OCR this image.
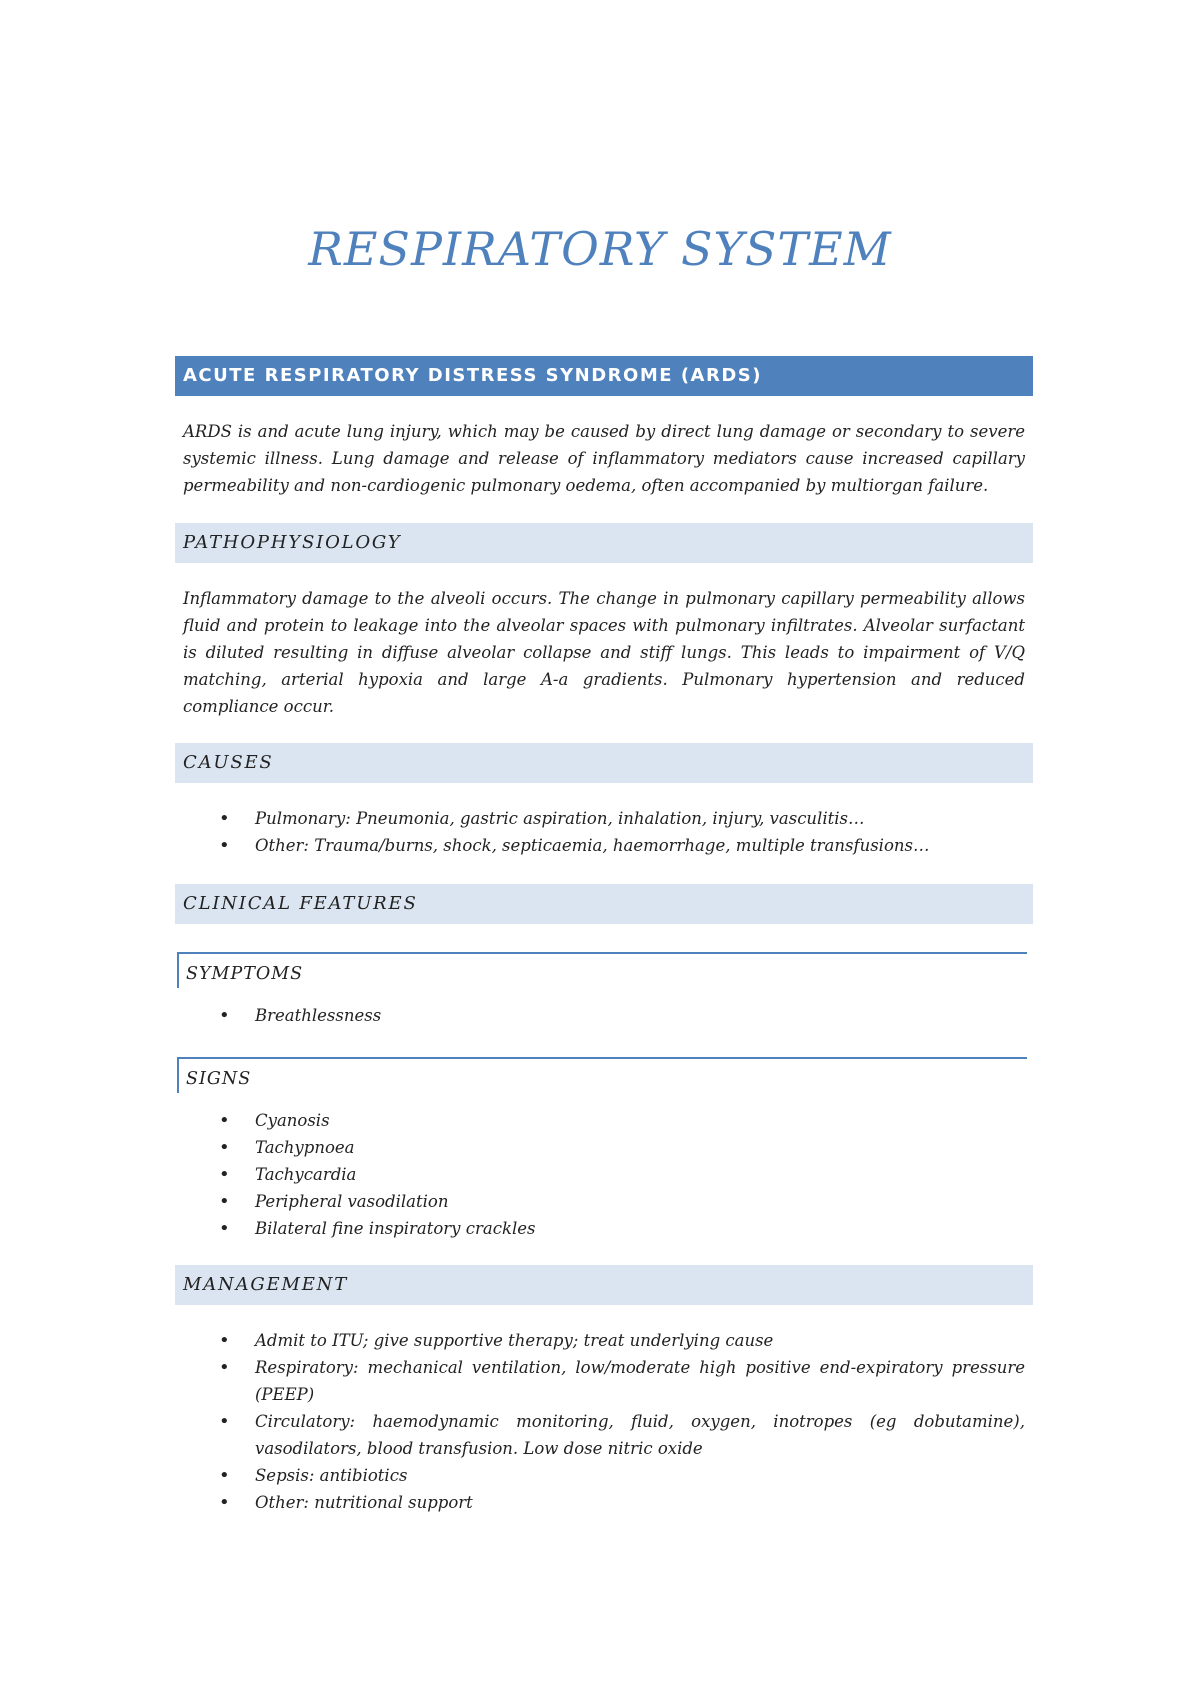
RESPIRATORY SYSTEM
ACUTE RESPIRATORY DISTRESS SYNDROME (ARDS)

ARDS is and acute lung injury, which may be caused by direct lung damage or secondary to severe systemic illness. Lung damage and release of inflammatory mediators cause increased capillary permeability and non-cardiogenic pulmonary oedema, often accompanied by multiorgan failure.

PATHOPHYSIOLOGY

Inflammatory damage to the alveoli occurs. The change in pulmonary capillary permeability allows fluid and protein to leakage into the alveolar spaces with pulmonary infiltrates. Alveolar surfactant is diluted resulting in diffuse alveolar collapse and stiff lungs. This leads to impairment of V/Q matching, arterial hypoxia and large A-a gradients. Pulmonary hypertension and reduced compliance occur.

CAUSES
• Pulmonary: Pneumonia, gastric aspiration, inhalation, injury, vasculitis…
• Other: Trauma/burns, shock, septicaemia, haemorrhage, multiple transfusions…
CLINICAL FEATURES
SYMPTOMS
• Breathlessness
SIGNS
• Cyanosis
• Tachypnoea
• Tachycardia
• Peripheral vasodilation
• Bilateral fine inspiratory crackles
MANAGEMENT
• Admit to ITU; give supportive therapy; treat underlying cause
• Respiratory: mechanical ventilation, low/moderate high positive end-expiratory pressure (PEEP)
• Circulatory: haemodynamic monitoring, fluid, oxygen, inotropes (eg dobutamine), vasodilators, blood transfusion. Low dose nitric oxide
• Sepsis: antibiotics
• Other: nutritional support
